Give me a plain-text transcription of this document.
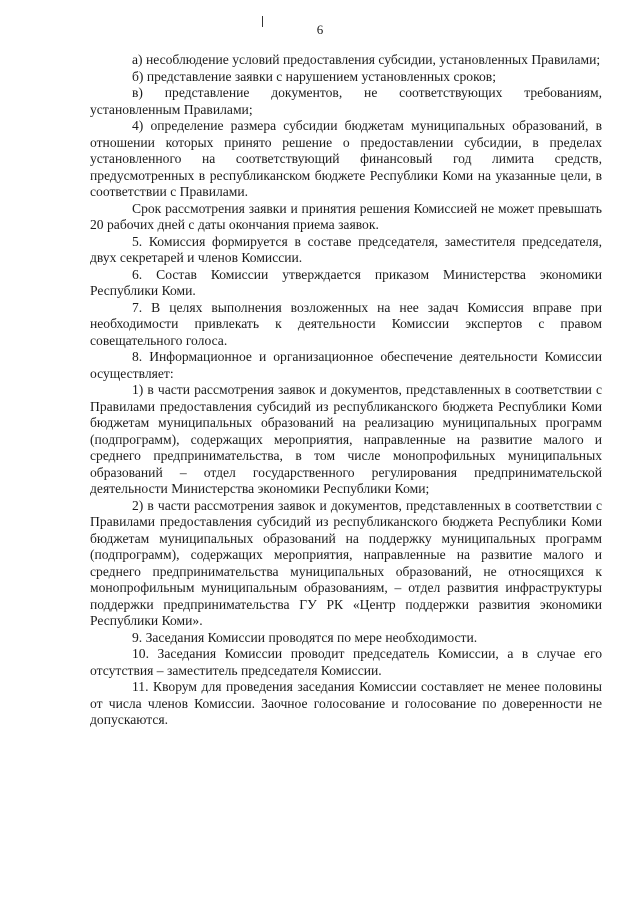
6

а) несоблюдение условий предоставления субсидии, установленных Правилами;

б) представление заявки с нарушением установленных сроков;

в) представление документов, не соответствующих требованиям, установленным Правилами;

4) определение размера субсидии бюджетам муниципальных образований, в отношении которых принято решение о предоставлении субсидии, в пределах установленного на соответствующий финансовый год лимита средств, предусмотренных в республиканском бюджете Республики Коми на указанные цели, в соответствии с Правилами.

Срок рассмотрения заявки и принятия решения Комиссией не может превышать 20 рабочих дней с даты окончания приема заявок.

5. Комиссия формируется в составе председателя, заместителя председателя, двух секретарей и членов Комиссии.

6. Состав Комиссии утверждается приказом Министерства экономики Республики Коми.

7. В целях выполнения возложенных на нее задач Комиссия вправе при необходимости привлекать к деятельности Комиссии экспертов с правом совещательного голоса.

8. Информационное и организационное обеспечение деятельности Комиссии осуществляет:

1) в части рассмотрения заявок и документов, представленных в соответствии с Правилами предоставления субсидий из республиканского бюджета Республики Коми бюджетам муниципальных образований на реализацию муниципальных программ (подпрограмм), содержащих мероприятия, направленные на развитие малого и среднего предпринимательства, в том числе монопрофильных муниципальных образований – отдел государственного регулирования предпринимательской деятельности Министерства экономики Республики Коми;

2) в части рассмотрения заявок и документов, представленных в соответствии с Правилами предоставления субсидий из республиканского бюджета Республики Коми бюджетам муниципальных образований на поддержку муниципальных программ (подпрограмм), содержащих мероприятия, направленные на развитие малого и среднего предпринимательства муниципальных образований, не относящихся к монопрофильным муниципальным образованиям, – отдел развития инфраструктуры поддержки предпринимательства ГУ РК «Центр поддержки развития экономики Республики Коми».

9. Заседания Комиссии проводятся по мере необходимости.

10. Заседания Комиссии проводит председатель Комиссии, а в случае его отсутствия – заместитель председателя Комиссии.

11. Кворум для проведения заседания Комиссии составляет не менее половины от числа членов Комиссии. Заочное голосование и голосование по доверенности не допускаются.
